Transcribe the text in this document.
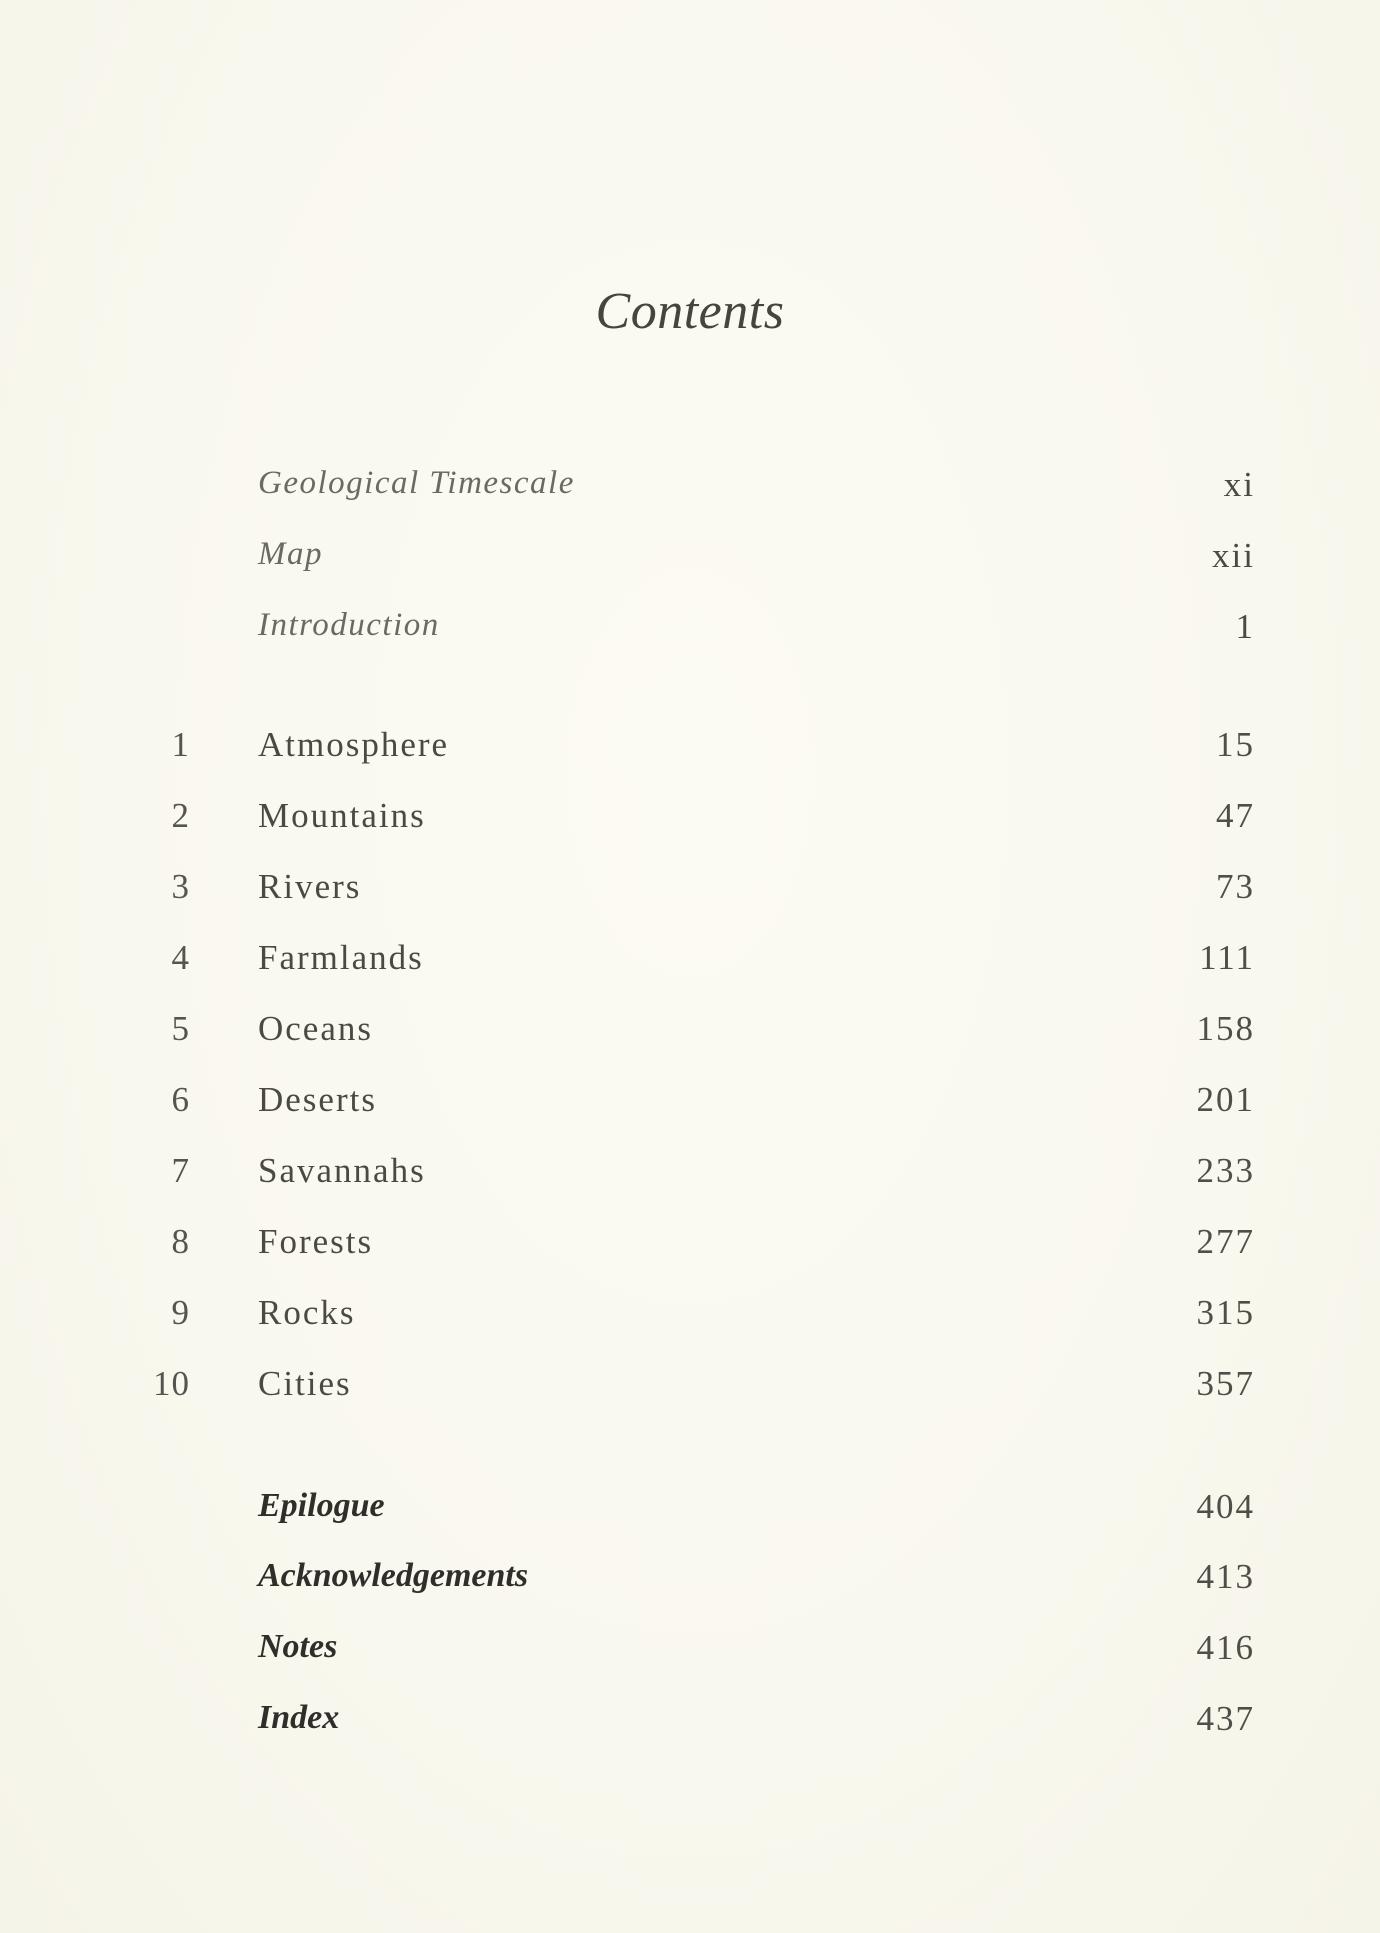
Contents
Geological Timescale	xi
Map	xii
Introduction	1
1 Atmosphere	15
2 Mountains	47
3 Rivers	73
4 Farmlands	111
5 Oceans	158
6 Deserts	201
7 Savannahs	233
8 Forests	277
9 Rocks	315
10 Cities	357
Epilogue	404
Acknowledgements	413
Notes	416
Index	437
